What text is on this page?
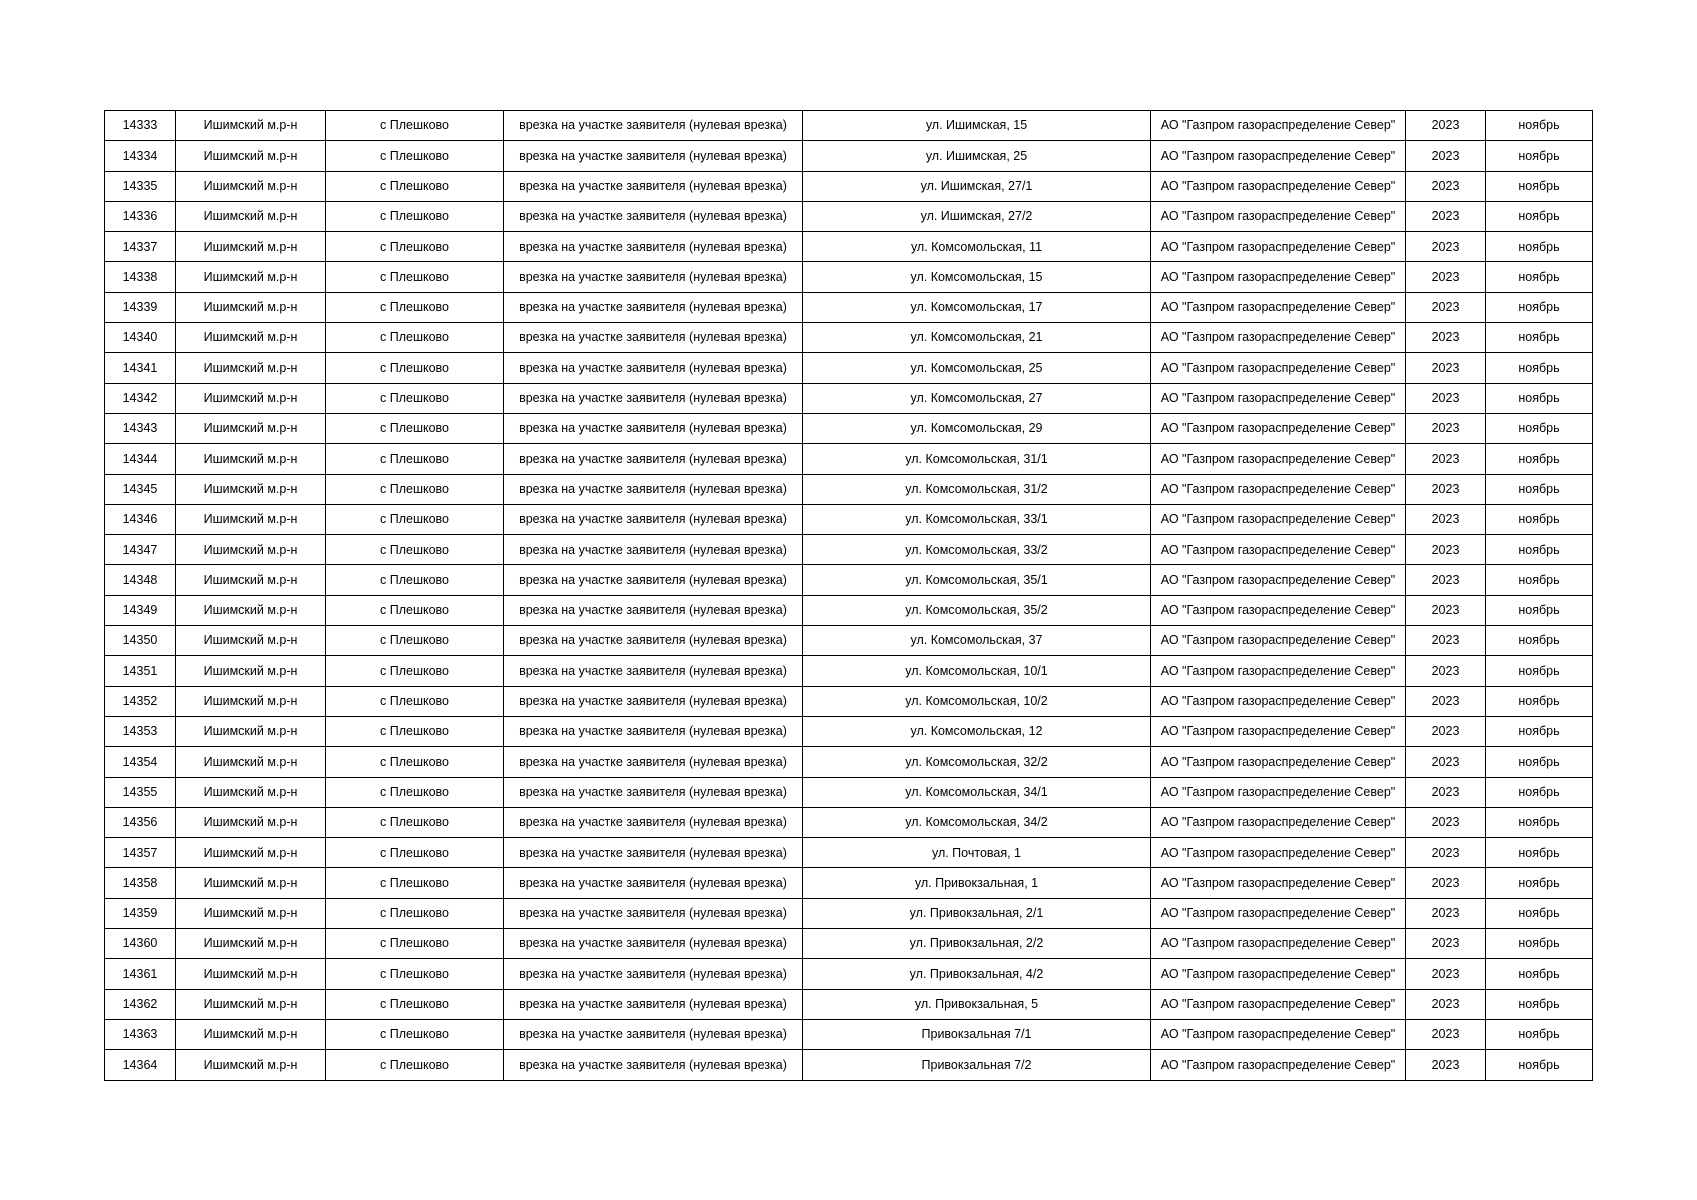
14333	Ишимский м.р-н	с Плешково	врезка на участке заявителя (нулевая врезка)	ул. Ишимская, 15	АО "Газпром газораспределение Север"	2023	ноябрь
14334	Ишимский м.р-н	с Плешково	врезка на участке заявителя (нулевая врезка)	ул. Ишимская, 25	АО "Газпром газораспределение Север"	2023	ноябрь
14335	Ишимский м.р-н	с Плешково	врезка на участке заявителя (нулевая врезка)	ул. Ишимская, 27/1	АО "Газпром газораспределение Север"	2023	ноябрь
14336	Ишимский м.р-н	с Плешково	врезка на участке заявителя (нулевая врезка)	ул. Ишимская, 27/2	АО "Газпром газораспределение Север"	2023	ноябрь
14337	Ишимский м.р-н	с Плешково	врезка на участке заявителя (нулевая врезка)	ул. Комсомольская, 11	АО "Газпром газораспределение Север"	2023	ноябрь
14338	Ишимский м.р-н	с Плешково	врезка на участке заявителя (нулевая врезка)	ул. Комсомольская, 15	АО "Газпром газораспределение Север"	2023	ноябрь
14339	Ишимский м.р-н	с Плешково	врезка на участке заявителя (нулевая врезка)	ул. Комсомольская, 17	АО "Газпром газораспределение Север"	2023	ноябрь
14340	Ишимский м.р-н	с Плешково	врезка на участке заявителя (нулевая врезка)	ул. Комсомольская, 21	АО "Газпром газораспределение Север"	2023	ноябрь
14341	Ишимский м.р-н	с Плешково	врезка на участке заявителя (нулевая врезка)	ул. Комсомольская, 25	АО "Газпром газораспределение Север"	2023	ноябрь
14342	Ишимский м.р-н	с Плешково	врезка на участке заявителя (нулевая врезка)	ул. Комсомольская, 27	АО "Газпром газораспределение Север"	2023	ноябрь
14343	Ишимский м.р-н	с Плешково	врезка на участке заявителя (нулевая врезка)	ул. Комсомольская, 29	АО "Газпром газораспределение Север"	2023	ноябрь
14344	Ишимский м.р-н	с Плешково	врезка на участке заявителя (нулевая врезка)	ул. Комсомольская, 31/1	АО "Газпром газораспределение Север"	2023	ноябрь
14345	Ишимский м.р-н	с Плешково	врезка на участке заявителя (нулевая врезка)	ул. Комсомольская, 31/2	АО "Газпром газораспределение Север"	2023	ноябрь
14346	Ишимский м.р-н	с Плешково	врезка на участке заявителя (нулевая врезка)	ул. Комсомольская, 33/1	АО "Газпром газораспределение Север"	2023	ноябрь
14347	Ишимский м.р-н	с Плешково	врезка на участке заявителя (нулевая врезка)	ул. Комсомольская, 33/2	АО "Газпром газораспределение Север"	2023	ноябрь
14348	Ишимский м.р-н	с Плешково	врезка на участке заявителя (нулевая врезка)	ул. Комсомольская, 35/1	АО "Газпром газораспределение Север"	2023	ноябрь
14349	Ишимский м.р-н	с Плешково	врезка на участке заявителя (нулевая врезка)	ул. Комсомольская, 35/2	АО "Газпром газораспределение Север"	2023	ноябрь
14350	Ишимский м.р-н	с Плешково	врезка на участке заявителя (нулевая врезка)	ул. Комсомольская, 37	АО "Газпром газораспределение Север"	2023	ноябрь
14351	Ишимский м.р-н	с Плешково	врезка на участке заявителя (нулевая врезка)	ул. Комсомольская, 10/1	АО "Газпром газораспределение Север"	2023	ноябрь
14352	Ишимский м.р-н	с Плешково	врезка на участке заявителя (нулевая врезка)	ул. Комсомольская, 10/2	АО "Газпром газораспределение Север"	2023	ноябрь
14353	Ишимский м.р-н	с Плешково	врезка на участке заявителя (нулевая врезка)	ул. Комсомольская, 12	АО "Газпром газораспределение Север"	2023	ноябрь
14354	Ишимский м.р-н	с Плешково	врезка на участке заявителя (нулевая врезка)	ул. Комсомольская, 32/2	АО "Газпром газораспределение Север"	2023	ноябрь
14355	Ишимский м.р-н	с Плешково	врезка на участке заявителя (нулевая врезка)	ул. Комсомольская, 34/1	АО "Газпром газораспределение Север"	2023	ноябрь
14356	Ишимский м.р-н	с Плешково	врезка на участке заявителя (нулевая врезка)	ул. Комсомольская, 34/2	АО "Газпром газораспределение Север"	2023	ноябрь
14357	Ишимский м.р-н	с Плешково	врезка на участке заявителя (нулевая врезка)	ул. Почтовая, 1	АО "Газпром газораспределение Север"	2023	ноябрь
14358	Ишимский м.р-н	с Плешково	врезка на участке заявителя (нулевая врезка)	ул. Привокзальная, 1	АО "Газпром газораспределение Север"	2023	ноябрь
14359	Ишимский м.р-н	с Плешково	врезка на участке заявителя (нулевая врезка)	ул. Привокзальная, 2/1	АО "Газпром газораспределение Север"	2023	ноябрь
14360	Ишимский м.р-н	с Плешково	врезка на участке заявителя (нулевая врезка)	ул. Привокзальная, 2/2	АО "Газпром газораспределение Север"	2023	ноябрь
14361	Ишимский м.р-н	с Плешково	врезка на участке заявителя (нулевая врезка)	ул. Привокзальная, 4/2	АО "Газпром газораспределение Север"	2023	ноябрь
14362	Ишимский м.р-н	с Плешково	врезка на участке заявителя (нулевая врезка)	ул. Привокзальная, 5	АО "Газпром газораспределение Север"	2023	ноябрь
14363	Ишимский м.р-н	с Плешково	врезка на участке заявителя (нулевая врезка)	Привокзальная 7/1	АО "Газпром газораспределение Север"	2023	ноябрь
14364	Ишимский м.р-н	с Плешково	врезка на участке заявителя (нулевая врезка)	Привокзальная 7/2	АО "Газпром газораспределение Север"	2023	ноябрь
